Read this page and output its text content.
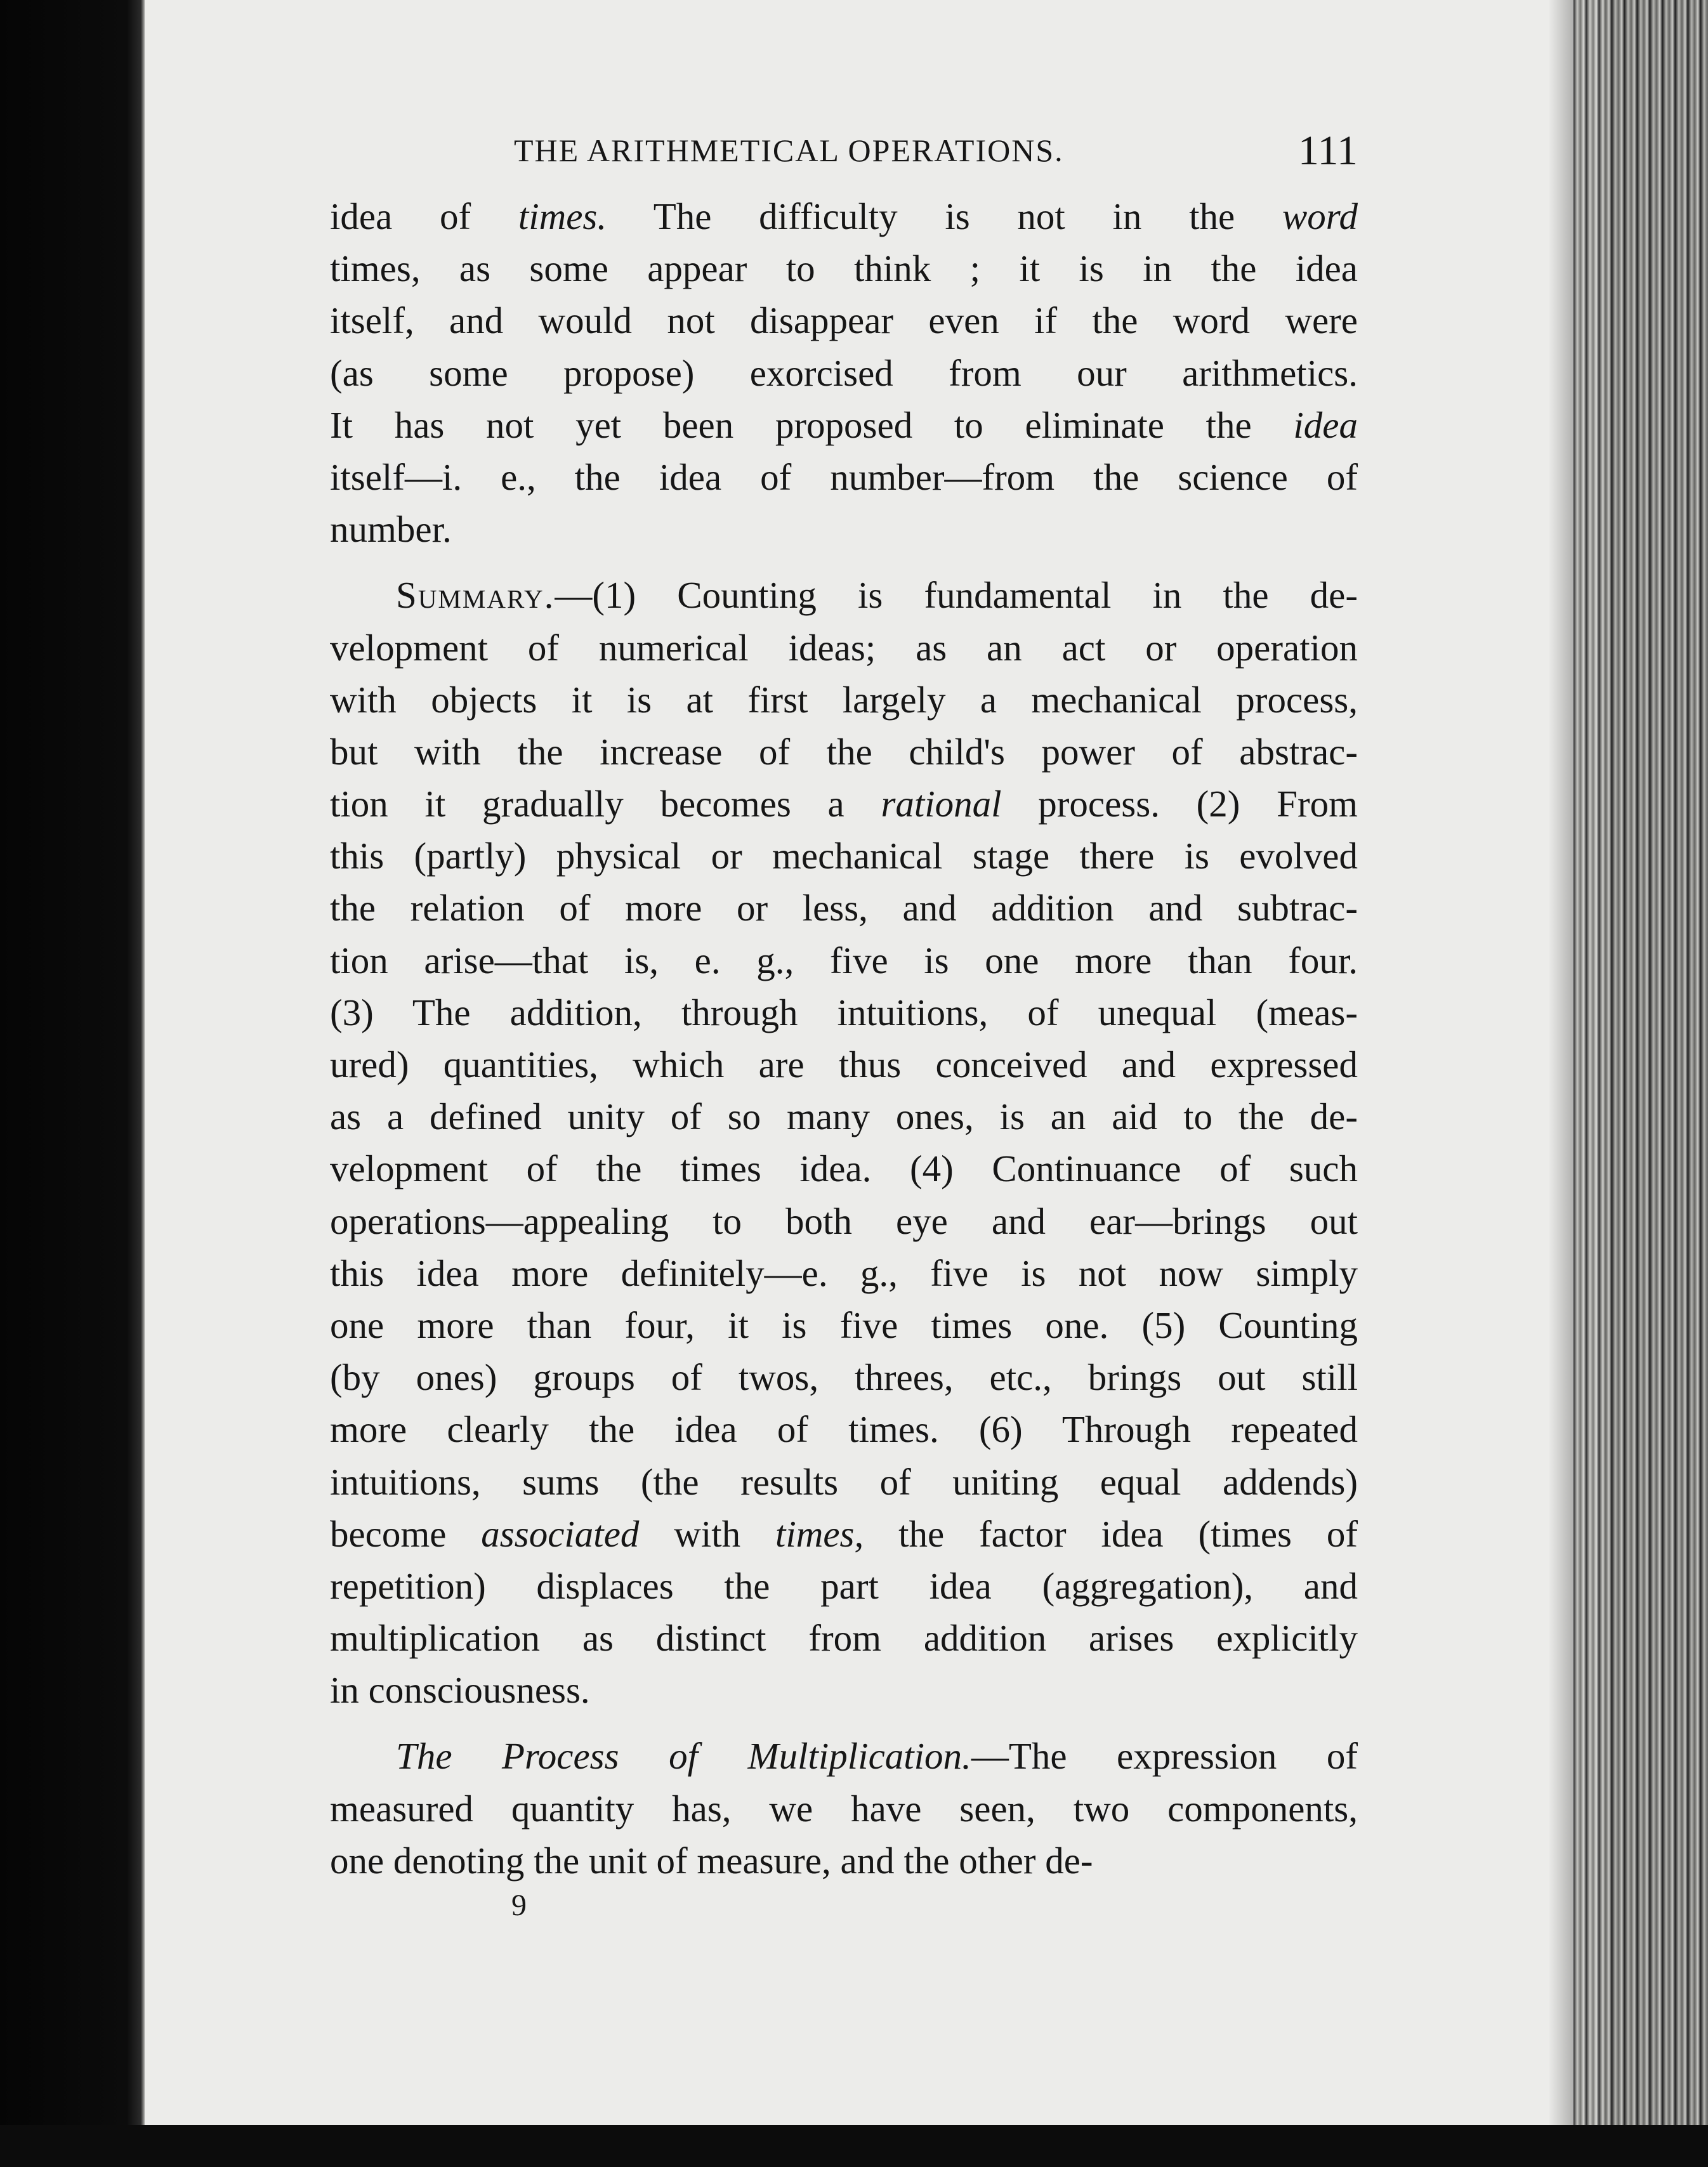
THE ARITHMETICAL OPERATIONS.	111
idea of times. The difficulty is not in the word
times, as some appear to think ; it is in the idea
itself, and would not disappear even if the word were
(as some propose) exorcised from our arithmetics.
It has not yet been proposed to eliminate the idea
itself—i. e., the idea of number—from the science of
number.
Summary.—(1) Counting is fundamental in the de-
velopment of numerical ideas; as an act or operation
with objects it is at first largely a mechanical process,
but with the increase of the child's power of abstrac-
tion it gradually becomes a rational process. (2) From
this (partly) physical or mechanical stage there is evolved
the relation of more or less, and addition and subtrac-
tion arise—that is, e. g., five is one more than four.
(3) The addition, through intuitions, of unequal (meas-
ured) quantities, which are thus conceived and expressed
as a defined unity of so many ones, is an aid to the de-
velopment of the times idea. (4) Continuance of such
operations—appealing to both eye and ear—brings out
this idea more definitely—e. g., five is not now simply
one more than four, it is five times one. (5) Counting
(by ones) groups of twos, threes, etc., brings out still
more clearly the idea of times. (6) Through repeated
intuitions, sums (the results of uniting equal addends)
become associated with times, the factor idea (times of
repetition) displaces the part idea (aggregation), and
multiplication as distinct from addition arises explicitly
in consciousness.
The Process of Multiplication.—The expression of
measured quantity has, we have seen, two components,
one denoting the unit of measure, and the other de-
9
